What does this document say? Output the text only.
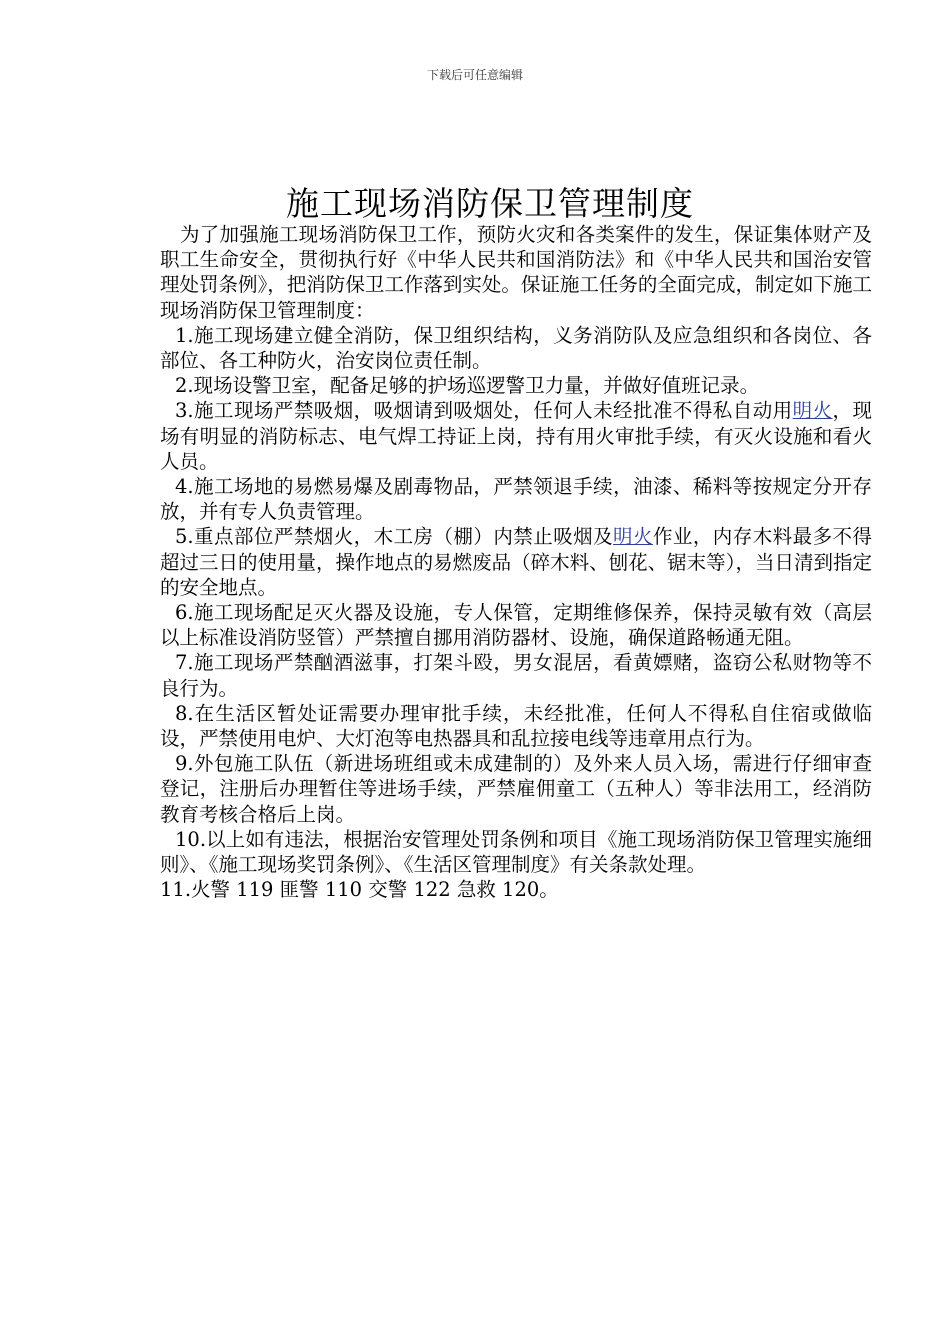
下载后可任意编辑
施工现场消防保卫管理制度

为了加强施工现场消防保卫工作，预防火灾和各类案件的发生，保证集体财产及职工生命安全，贯彻执行好《中华人民共和国消防法》和《中华人民共和国治安管理处罚条例》，把消防保卫工作落到实处。保证施工任务的全面完成，制定如下施工现场消防保卫管理制度：

1.施工现场建立健全消防，保卫组织结构，义务消防队及应急组织和各岗位、各部位、各工种防火，治安岗位责任制。

2.现场设警卫室，配备足够的护场巡逻警卫力量，并做好值班记录。

3.施工现场严禁吸烟，吸烟请到吸烟处，任何人未经批准不得私自动用明火，现场有明显的消防标志、电气焊工持证上岗，持有用火审批手续，有灭火设施和看火人员。

4.施工场地的易燃易爆及剧毒物品，严禁领退手续，油漆、稀料等按规定分开存放，并有专人负责管理。

5.重点部位严禁烟火，木工房（棚）内禁止吸烟及明火作业，内存木料最多不得超过三日的使用量，操作地点的易燃废品（碎木料、刨花、锯末等），当日清到指定的安全地点。

6.施工现场配足灭火器及设施，专人保管，定期维修保养，保持灵敏有效（高层以上标准设消防竖管）严禁擅自挪用消防器材、设施，确保道路畅通无阻。

7.施工现场严禁酗酒滋事，打架斗殴，男女混居，看黄嫖赌，盗窃公私财物等不良行为。

8.在生活区暂处证需要办理审批手续，未经批准，任何人不得私自住宿或做临设，严禁使用电炉、大灯泡等电热器具和乱拉接电线等违章用点行为。

9.外包施工队伍（新进场班组或未成建制的）及外来人员入场，需进行仔细审查登记，注册后办理暂住等进场手续，严禁雇佣童工（五种人）等非法用工，经消防教育考核合格后上岗。

10.以上如有违法，根据治安管理处罚条例和项目《施工现场消防保卫管理实施细则》、《施工现场奖罚条例》、《生活区管理制度》有关条款处理。

11.火警 119 匪警 110 交警 122 急救 120。
